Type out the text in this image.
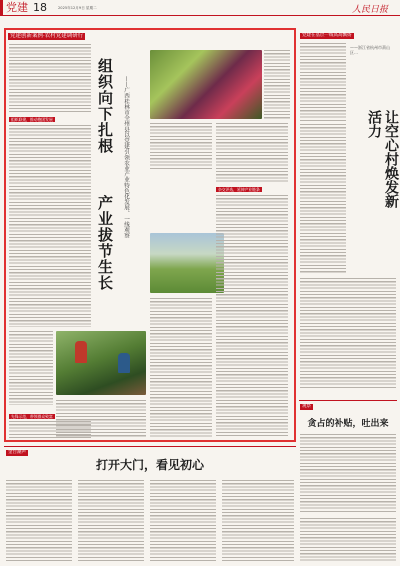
党建 18	2025年12月9日 星期二	人民日报
党建创新案例·农村党建调研行
组织向下扎根
产业拔节生长
——广西桂林市全州县以党建引领农业产业特色化发展、一线观察
组织联建，推动抱团发展
先锋示范，带领群众致富
杂交评选，延伸产业链条
党建在基层一线高高飘扬
——浙江省杭州市萧山区…
让空心村焕发新活力
观察
贪占的补贴，吐出来
金台潮声
打开大门，看见初心
